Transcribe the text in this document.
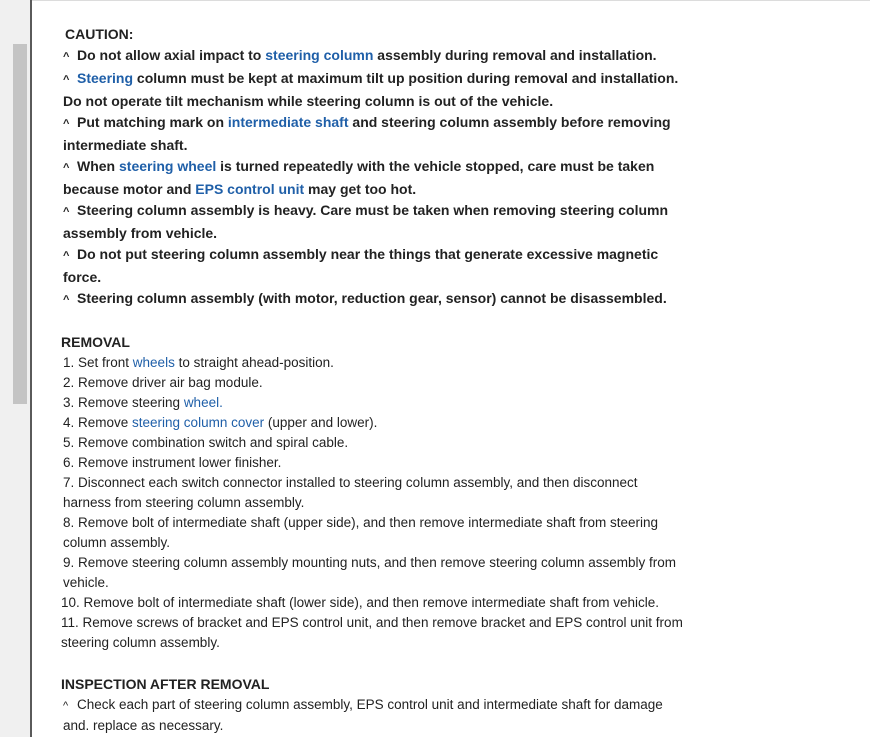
CAUTION:
^ Do not allow axial impact to steering column assembly during removal and installation.
^ Steering column must be kept at maximum tilt up position during removal and installation. Do not operate tilt mechanism while steering column is out of the vehicle.
^ Put matching mark on intermediate shaft and steering column assembly before removing intermediate shaft.
^ When steering wheel is turned repeatedly with the vehicle stopped, care must be taken because motor and EPS control unit may get too hot.
^ Steering column assembly is heavy. Care must be taken when removing steering column assembly from vehicle.
^ Do not put steering column assembly near the things that generate excessive magnetic force.
^ Steering column assembly (with motor, reduction gear, sensor) cannot be disassembled.
REMOVAL
1. Set front wheels to straight ahead-position.
2. Remove driver air bag module.
3. Remove steering wheel.
4. Remove steering column cover (upper and lower).
5. Remove combination switch and spiral cable.
6. Remove instrument lower finisher.
7. Disconnect each switch connector installed to steering column assembly, and then disconnect harness from steering column assembly.
8. Remove bolt of intermediate shaft (upper side), and then remove intermediate shaft from steering column assembly.
9. Remove steering column assembly mounting nuts, and then remove steering column assembly from vehicle.
10. Remove bolt of intermediate shaft (lower side), and then remove intermediate shaft from vehicle.
11. Remove screws of bracket and EPS control unit, and then remove bracket and EPS control unit from steering column assembly.
INSPECTION AFTER REMOVAL
^ Check each part of steering column assembly, EPS control unit and intermediate shaft for damage and. replace as necessary.
